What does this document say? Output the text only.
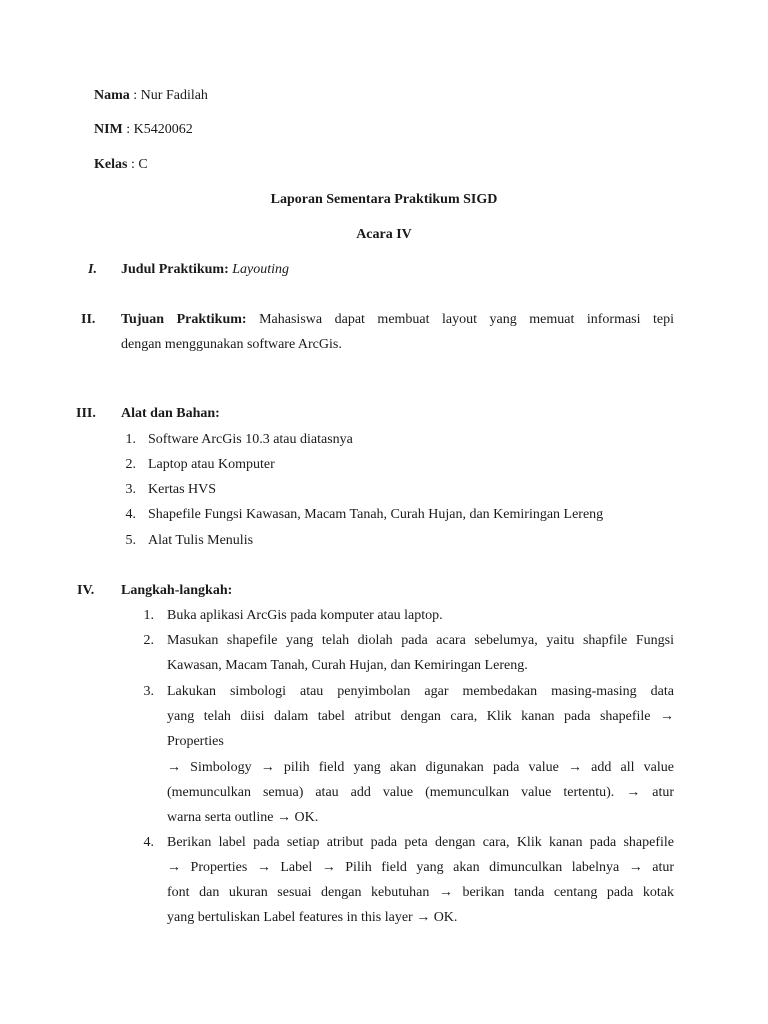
Nama : Nur Fadilah
NIM : K5420062
Kelas : C
Laporan Sementara Praktikum SIGD
Acara IV
I. Judul Praktikum: Layouting
II. Tujuan Praktikum: Mahasiswa dapat membuat layout yang memuat informasi tepi
dengan menggunakan software ArcGis.
III. Alat dan Bahan:
1. Software ArcGis 10.3 atau diatasnya
2. Laptop atau Komputer
3. Kertas HVS
4. Shapefile Fungsi Kawasan, Macam Tanah, Curah Hujan, dan Kemiringan Lereng
5. Alat Tulis Menulis
IV. Langkah-langkah:
1. Buka aplikasi ArcGis pada komputer atau laptop.
2. Masukan shapefile yang telah diolah pada acara sebelumya, yaitu shapfile Fungsi
Kawasan, Macam Tanah, Curah Hujan, dan Kemiringan Lereng.
3. Lakukan simbologi atau penyimbolan agar membedakan masing-masing data
yang telah diisi dalam tabel atribut dengan cara, Klik kanan pada shapefile →
Properties
→ Simbology → pilih field yang akan digunakan pada value → add all value
(memunculkan semua) atau add value (memunculkan value tertentu). → atur
warna serta outline → OK.
4. Berikan label pada setiap atribut pada peta dengan cara, Klik kanan pada shapefile
→ Properties → Label → Pilih field yang akan dimunculkan labelnya → atur
font dan ukuran sesuai dengan kebutuhan → berikan tanda centang pada kotak
yang bertuliskan Label features in this layer → OK.
